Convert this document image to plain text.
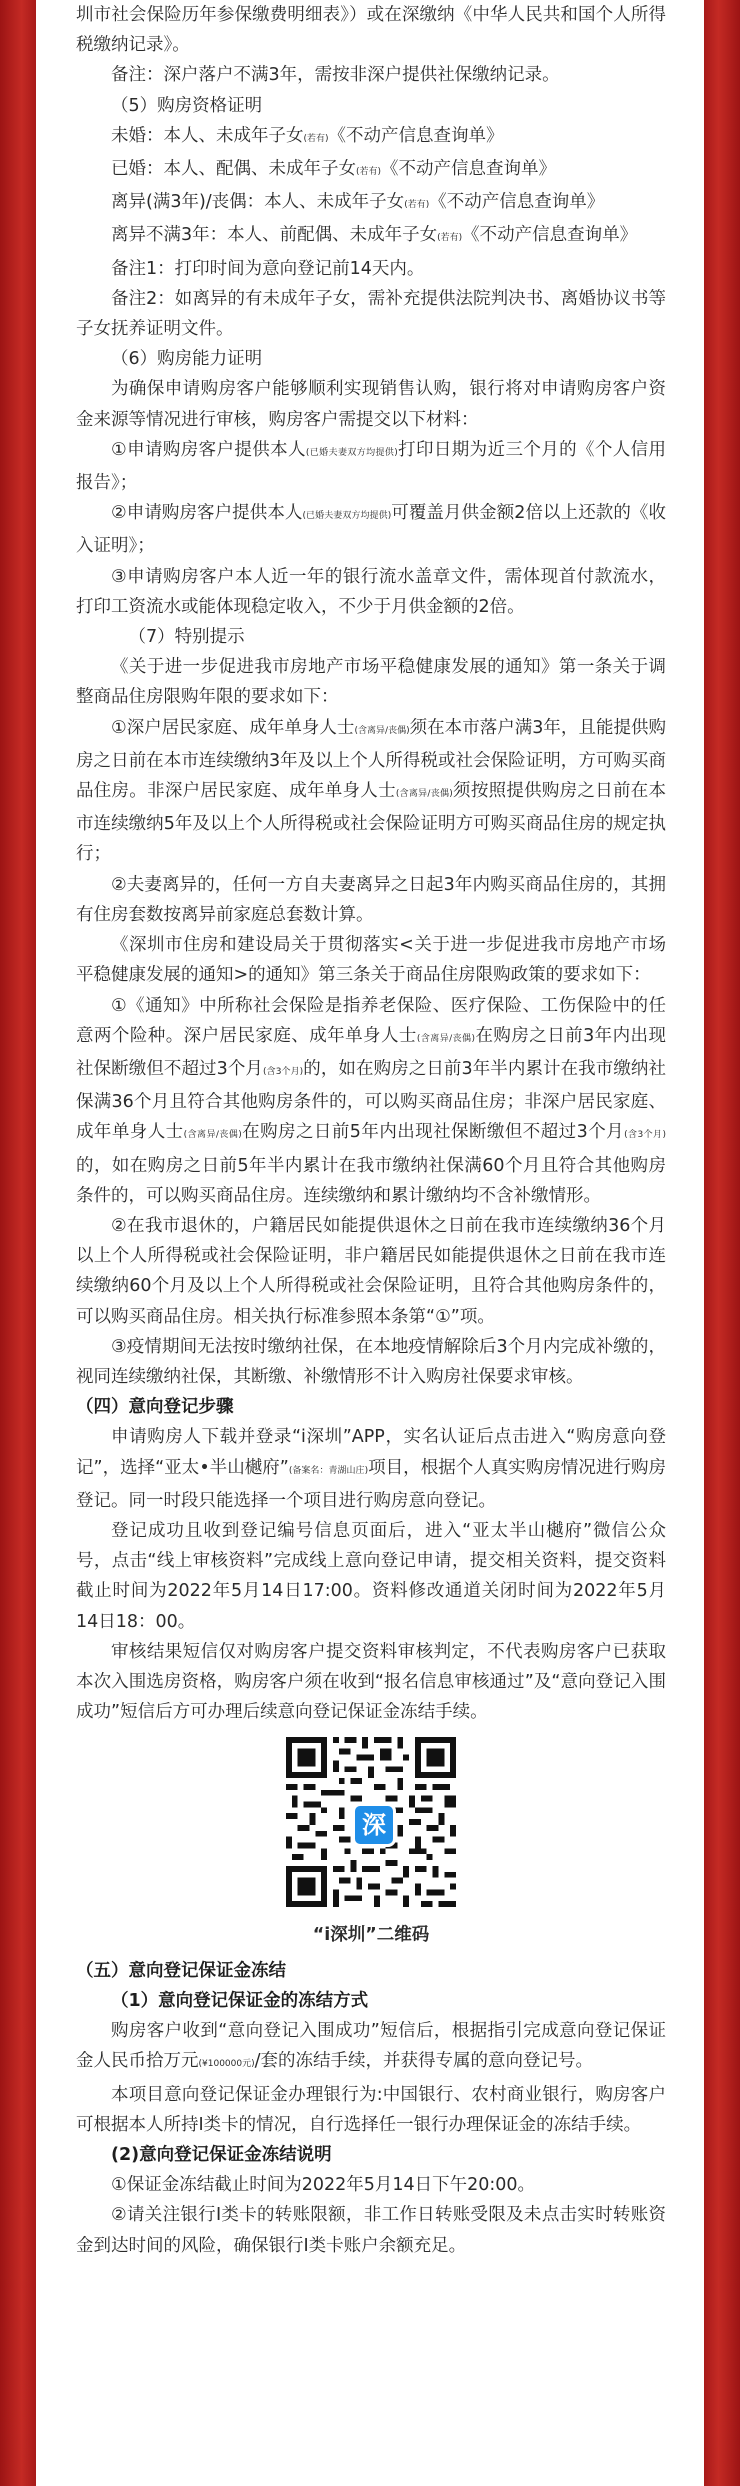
圳市社会保险历年参保缴费明细表》）或在深缴纳《中华人民共和国个人所得税缴纳记录》。

备注：深户落户不满3年，需按非深户提供社保缴纳记录。

（5）购房资格证明

未婚：本人、未成年子女(若有)《不动产信息查询单》

已婚：本人、配偶、未成年子女(若有)《不动产信息查询单》

离异(满3年)/丧偶：本人、未成年子女(若有)《不动产信息查询单》

离异不满3年：本人、前配偶、未成年子女(若有)《不动产信息查询单》

备注1：打印时间为意向登记前14天内。

备注2：如离异的有未成年子女，需补充提供法院判决书、离婚协议书等子女抚养证明文件。

（6）购房能力证明

为确保申请购房客户能够顺利实现销售认购，银行将对申请购房客户资金来源等情况进行审核，购房客户需提交以下材料：

①申请购房客户提供本人(已婚夫妻双方均提供)打印日期为近三个月的《个人信用报告》；

②申请购房客户提供本人(已婚夫妻双方均提供)可覆盖月供金额2倍以上还款的《收入证明》；

③申请购房客户本人近一年的银行流水盖章文件，需体现首付款流水，打印工资流水或能体现稳定收入，不少于月供金额的2倍。

（7）特别提示

《关于进一步促进我市房地产市场平稳健康发展的通知》第一条关于调整商品住房限购年限的要求如下：

①深户居民家庭、成年单身人士(含离异/丧偶)须在本市落户满3年，且能提供购房之日前在本市连续缴纳3年及以上个人所得税或社会保险证明，方可购买商品住房。非深户居民家庭、成年单身人士(含离异/丧偶)须按照提供购房之日前在本市连续缴纳5年及以上个人所得税或社会保险证明方可购买商品住房的规定执行；

②夫妻离异的，任何一方自夫妻离异之日起3年内购买商品住房的，其拥有住房套数按离异前家庭总套数计算。

《深圳市住房和建设局关于贯彻落实<关于进一步促进我市房地产市场平稳健康发展的通知>的通知》第三条关于商品住房限购政策的要求如下：

①《通知》中所称社会保险是指养老保险、医疗保险、工伤保险中的任意两个险种。深户居民家庭、成年单身人士(含离异/丧偶)在购房之日前3年内出现社保断缴但不超过3个月(含3个月)的，如在购房之日前3年半内累计在我市缴纳社保满36个月且符合其他购房条件的，可以购买商品住房；非深户居民家庭、成年单身人士(含离异/丧偶)在购房之日前5年内出现社保断缴但不超过3个月(含3个月)的，如在购房之日前5年半内累计在我市缴纳社保满60个月且符合其他购房条件的，可以购买商品住房。连续缴纳和累计缴纳均不含补缴情形。

②在我市退休的，户籍居民如能提供退休之日前在我市连续缴纳36个月以上个人所得税或社会保险证明，非户籍居民如能提供退休之日前在我市连续缴纳60个月及以上个人所得税或社会保险证明，且符合其他购房条件的，可以购买商品住房。相关执行标准参照本条第“①”项。

③疫情期间无法按时缴纳社保，在本地疫情解除后3个月内完成补缴的，视同连续缴纳社保，其断缴、补缴情形不计入购房社保要求审核。

（四）意向登记步骤

申请购房人下载并登录“i深圳”APP，实名认证后点击进入“购房意向登记”，选择“亚太•半山樾府”(备案名：青湖山庄)项目，根据个人真实购房情况进行购房登记。同一时段只能选择一个项目进行购房意向登记。

登记成功且收到登记编号信息页面后，进入“亚太半山樾府”微信公众号，点击“线上审核资料”完成线上意向登记申请，提交相关资料，提交资料截止时间为2022年5月14日17:00。资料修改通道关闭时间为2022年5月14日18：00。

审核结果短信仅对购房客户提交资料审核判定，不代表购房客户已获取本次入围选房资格，购房客户须在收到“报名信息审核通过”及“意向登记入围成功”短信后方可办理后续意向登记保证金冻结手续。

深
“i深圳”二维码

（五）意向登记保证金冻结

（1）意向登记保证金的冻结方式

购房客户收到“意向登记入围成功”短信后，根据指引完成意向登记保证金人民币拾万元(¥100000元)/套的冻结手续，并获得专属的意向登记号。

本项目意向登记保证金办理银行为:中国银行、农村商业银行，购房客户可根据本人所持Ⅰ类卡的情况，自行选择任一银行办理保证金的冻结手续。

(2)意向登记保证金冻结说明

①保证金冻结截止时间为2022年5月14日下午20:00。

②请关注银行Ⅰ类卡的转账限额，非工作日转账受限及未点击实时转账资金到达时间的风险，确保银行Ⅰ类卡账户余额充足。
